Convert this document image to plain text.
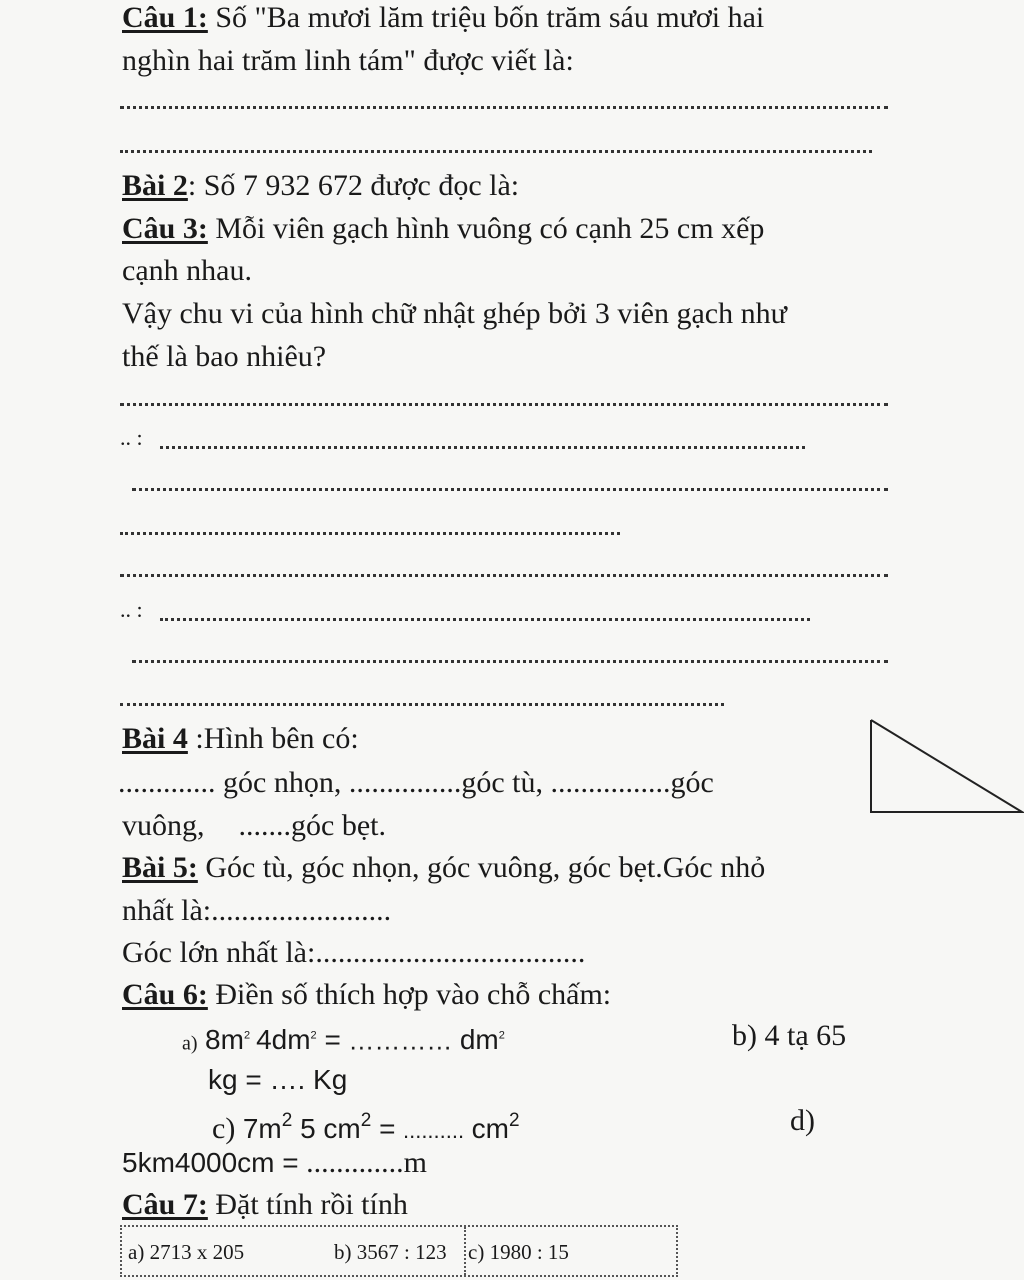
Câu 1: Số "Ba mươi lăm triệu bốn trăm sáu mươi hai
nghìn hai trăm linh tám" được viết là:
Bài 2: Số 7 932 672 được đọc là:
Câu 3: Mỗi viên gạch hình vuông có cạnh 25 cm xếp
cạnh nhau.
Vậy chu vi của hình chữ nhật ghép bởi 3 viên gạch như
thế là bao nhiêu?
.. :
.. :
Bài 4 :Hình bên có:
............. góc nhọn, ...............góc tù, ................góc
vuông, .......góc bẹt.
Bài 5: Góc tù, góc nhọn, góc vuông, góc bẹt.Góc nhỏ
nhất là:........................
Góc lớn nhất là:....................................
Câu 6: Điền số thích hợp vào chỗ chấm:
a) $8m^2$ $4dm^2$ = ………… $dm^2$	b) 4 tạ 65
kg = …. Kg
c) $7m^2$ 5 $cm^2$ = .......... $cm^2$	d)
5km4000cm = .............m
Câu 7: Đặt tính rồi tính
a) 2713 x 205	b) 3567 : 123 c) 1980 : 15
